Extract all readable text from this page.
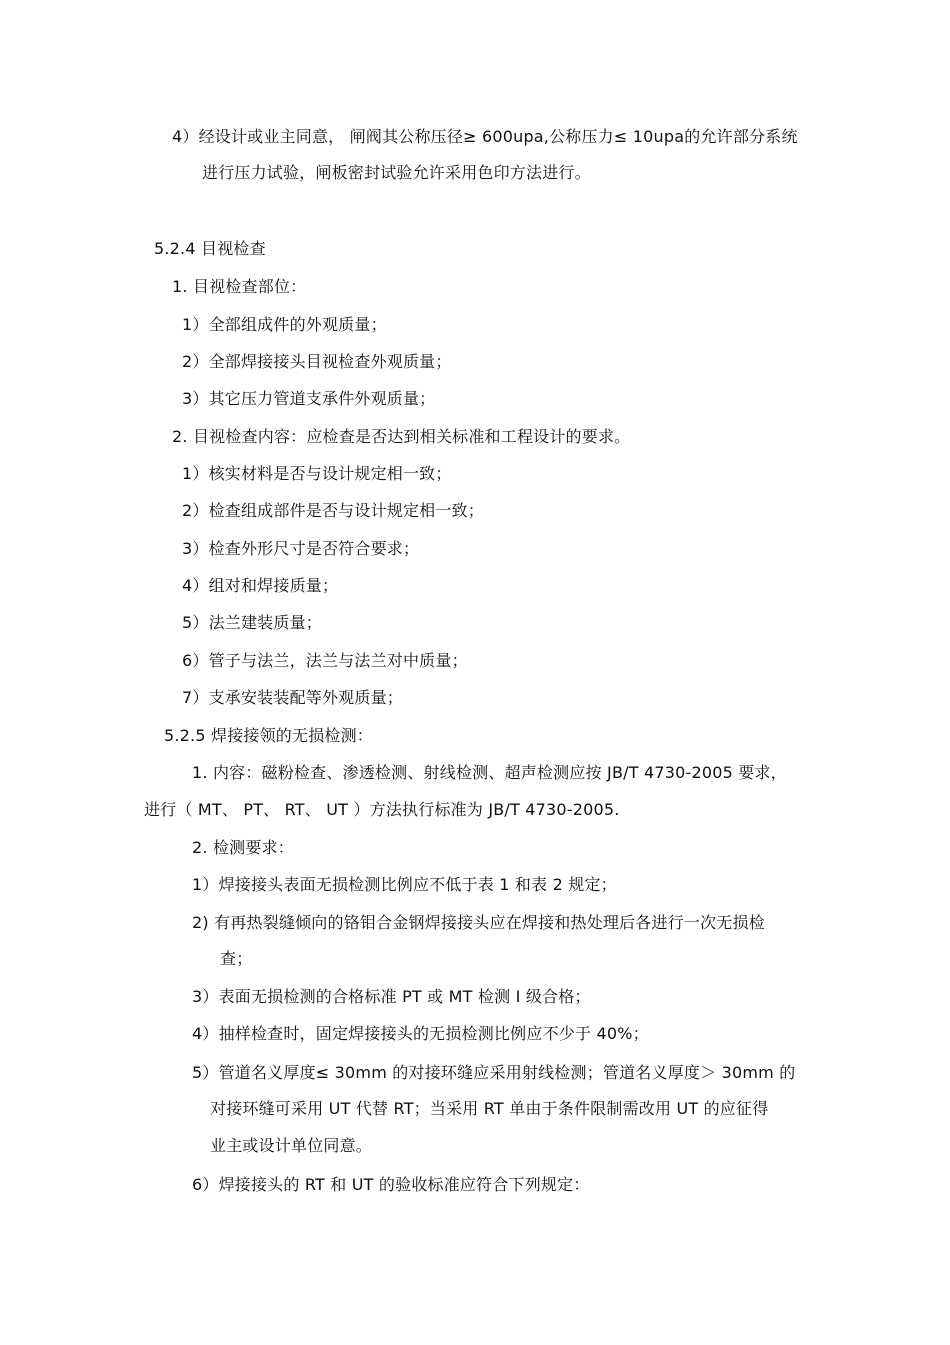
4）经设计或业主同意， 闸阀其公称压径≥ 600upa,公称压力≤ 10upa的允许部分系统
进行压力试验，闸板密封试验允许采用色印方法进行。
5.2.4 目视检查
1. 目视检查部位：
1）全部组成件的外观质量；
2）全部焊接接头目视检查外观质量；
3）其它压力管道支承件外观质量；
2. 目视检查内容：应检查是否达到相关标准和工程设计的要求。
1）核实材料是否与设计规定相一致；
2）检查组成部件是否与设计规定相一致；
3）检查外形尺寸是否符合要求；
4）组对和焊接质量；
5）法兰建装质量；
6）管子与法兰，法兰与法兰对中质量；
7）支承安装装配等外观质量；
5.2.5 焊接接领的无损检测：
1. 内容：磁粉检查、渗透检测、射线检测、超声检测应按 JB/T 4730-2005 要求，
进行（ MT、 PT、 RT、 UT ）方法执行标准为 JB/T 4730-2005.
2. 检测要求：
1）焊接接头表面无损检测比例应不低于表 1 和表 2 规定；
2) 有再热裂缝倾向的铬钼合金钢焊接接头应在焊接和热处理后各进行一次无损检
查；
3）表面无损检测的合格标准 PT 或 MT 检测 I 级合格；
4）抽样检查时，固定焊接接头的无损检测比例应不少于 40%；
5）管道名义厚度≤ 30mm 的对接环缝应采用射线检测；管道名义厚度＞ 30mm 的
对接环缝可采用 UT 代替 RT；当采用 RT 单由于条件限制需改用 UT 的应征得
业主或设计单位同意。
6）焊接接头的 RT 和 UT 的验收标准应符合下列规定：
